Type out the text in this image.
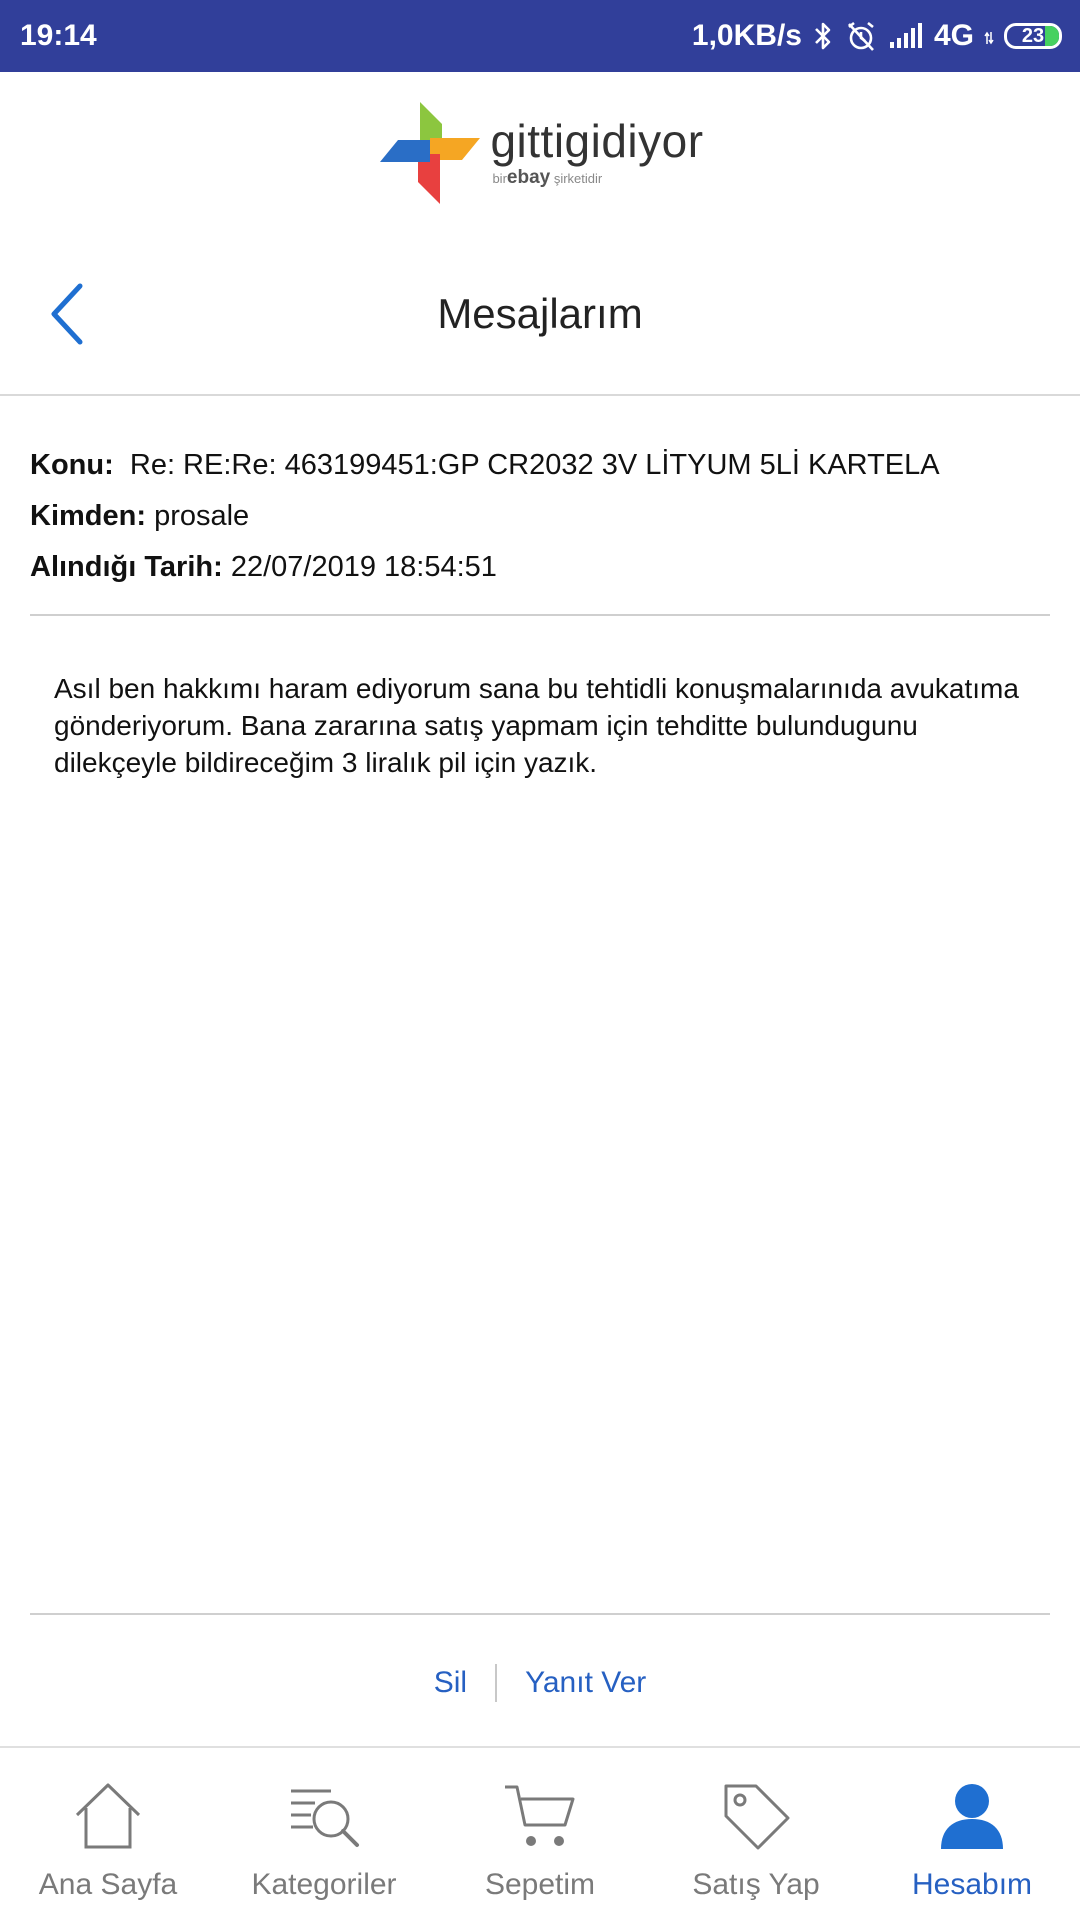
19:14	1,0KB/s	4G 23
gittigidiyor
birebay şirketidir
Mesajlarım
Konu: Re: RE:Re: 463199451:GP CR2032 3V LİTYUM 5Lİ KARTELA
Kimden: prosale
Alındığı Tarih: 22/07/2019 18:54:51
Asıl ben hakkımı haram ediyorum sana bu tehtidli konuşmalarınıda avukatıma gönderiyorum. Bana zararına satış yapmam için tehditte bulundugunu dilekçeyle bildireceğim 3 liralık pil için yazık.
Sil	Yanıt Ver
Ana Sayfa Kategoriler	Sepetim	Satış Yap	Hesabım
